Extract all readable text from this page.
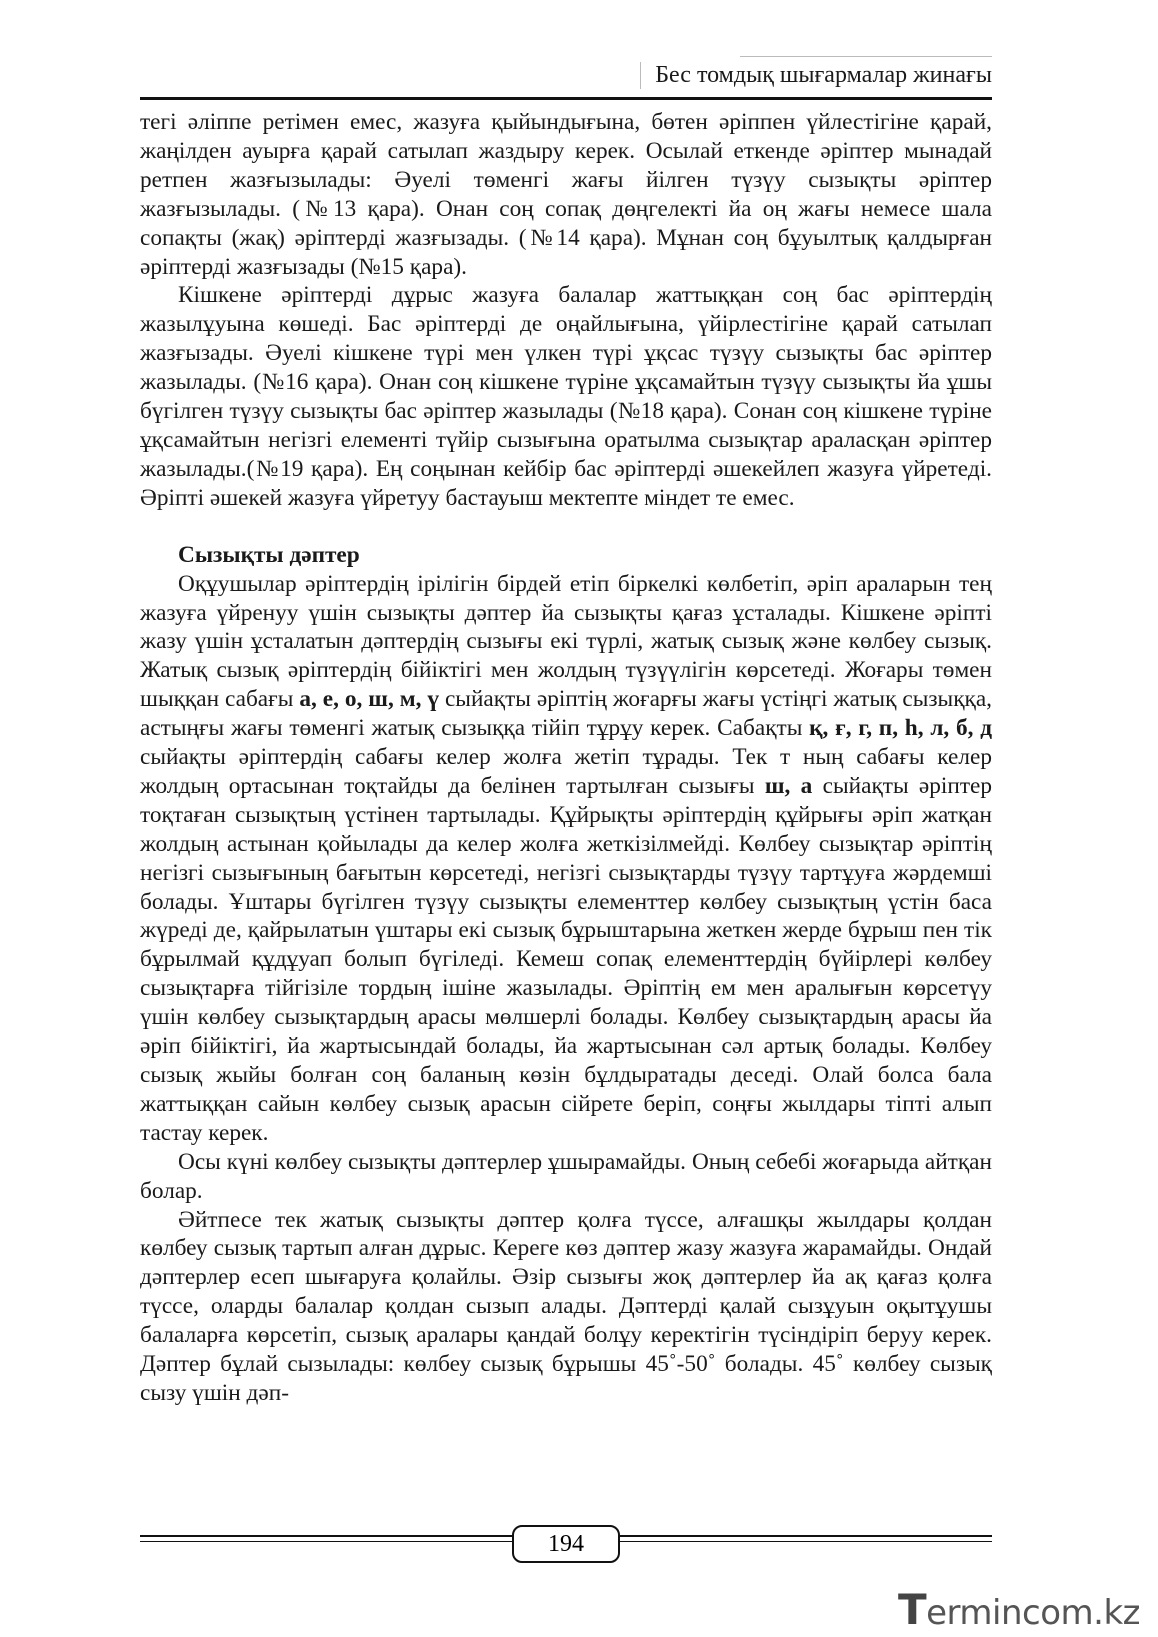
Бес томдық шығармалар жинағы

тегі әліппе ретімен емес, жазуға қыйындығына, бөтен әріппен үйлестігіне қарай, жаңілден ауырға қарай сатылап жаздыру керек. Осылай еткенде әріптер мынадай ретпен жазғызылады: Әуелі төменгі жағы йілген түзүу сызықты әріптер жазғызылады. (№13 қара). Онан соң сопақ дөңгелекті йа оң жағы немесе шала сопақты (жақ) әріптерді жазғызады. (№14 қара). Мұнан соң бұуылтық қалдырған әріптерді жазғызады (№15 қара).

Кішкене әріптерді дұрыс жазуға балалар жаттыққан соң бас әріптердің жазылұуына көшеді. Бас әріптерді де оңайлығына, үйірлестігіне қарай сатылап жазғызады. Әуелі кішкене түрі мен үлкен түрі ұқсас түзүу сызықты бас әріптер жазылады. (№16 қара). Онан соң кішкене түріне ұқсамайтын түзүу сызықты йа ұшы бүгілген түзүу сызықты бас әріптер жазылады (№18 қара). Сонан соң кішкене түріне ұқсамайтын негізгі елементі түйір сызығына оратылма сызықтар араласқан әріптер жазылады.(№19 қара). Ең соңынан кейбір бас әріптерді әшекейлеп жазуға үйретеді. Әріпті әшекей жазуға үйретуу бастауыш мектепте міндет те емес.

Сызықты дәптер

Оқұушылар әріптердің ірілігін бірдей етіп біркелкі көлбетіп, әріп араларын тең жазуға үйренуу үшін сызықты дәптер йа сызықты қағаз ұсталады. Кішкене әріпті жазу үшін ұсталатын дәптердің сызығы екі түрлі, жатық сызық және көлбеу сызық. Жатық сызық әріптердің бійіктігі мен жолдың түзүүлігін көрсетеді. Жоғары төмен шыққан сабағы а, е, о, ш, м, ү сыйақты әріптің жоғарғы жағы үстіңгі жатық сызыққа, астыңғы жағы төменгі жатық сызыққа тійіп тұрұу керек. Сабақты қ, ғ, г, п, һ, л, б, д сыйақты әріптердің сабағы келер жолға жетіп тұрады. Тек т ның сабағы келер жолдың ортасынан тоқтайды да белінен тартылған сызығы ш, а сыйақты әріптер тоқтаған сызықтың үстінен тартылады. Құйрықты әріптердің құйрығы әріп жатқан жолдың астынан қойылады да келер жолға жеткізілмейді. Көлбеу сызықтар әріптің негізгі сызығының бағытын көрсетеді, негізгі сызықтарды түзүу тартұуға жәрдемші болады. Ұштары бүгілген түзүу сызықты елементтер көлбеу сызықтың үстін баса жүреді де, қайрылатын үштары екі сызық бұрыштарына жеткен жерде бұрыш пен тік бұрылмай құдұуап болып бүгіледі. Кемеш сопақ елементтердің бүйірлері көлбеу сызықтарға тійгізіле тордың ішіне жазылады. Әріптің ем мен аралығын көрсетүу үшін көлбеу сызықтардың арасы мөлшерлі болады. Көлбеу сызықтардың арасы йа әріп бійіктігі, йа жартысындай болады, йа жартысынан сәл артық болады. Көлбеу сызық жыйы болған соң баланың көзін бұлдыратады деседі. Олай болса бала жаттыққан сайын көлбеу сызық арасын сійрете беріп, соңғы жылдары тіпті алып тастау керек.

Осы күні көлбеу сызықты дәптерлер ұшырамайды. Оның себебі жоғарыда айтқан болар.

Әйтпесе тек жатық сызықты дәптер қолға түссе, алғашқы жылдары қолдан көлбеу сызық тартып алған дұрыс. Кереге көз дәптер жазу жазуға жарамайды. Ондай дәптерлер есеп шығаруға қолайлы. Әзір сызығы жоқ дәптерлер йа ақ қағаз қолға түссе, оларды балалар қолдан сызып алады. Дәптерді қалай сызұуын оқытұушы балаларға көрсетіп, сызық аралары қандай болұу керектігін түсіндіріп беруу керек. Дәптер бұлай сызылады: көлбеу сызық бұрышы 45˚-50˚ болады. 45˚ көлбеу сызық сызу үшін дәп-

194
Termincom.kz
